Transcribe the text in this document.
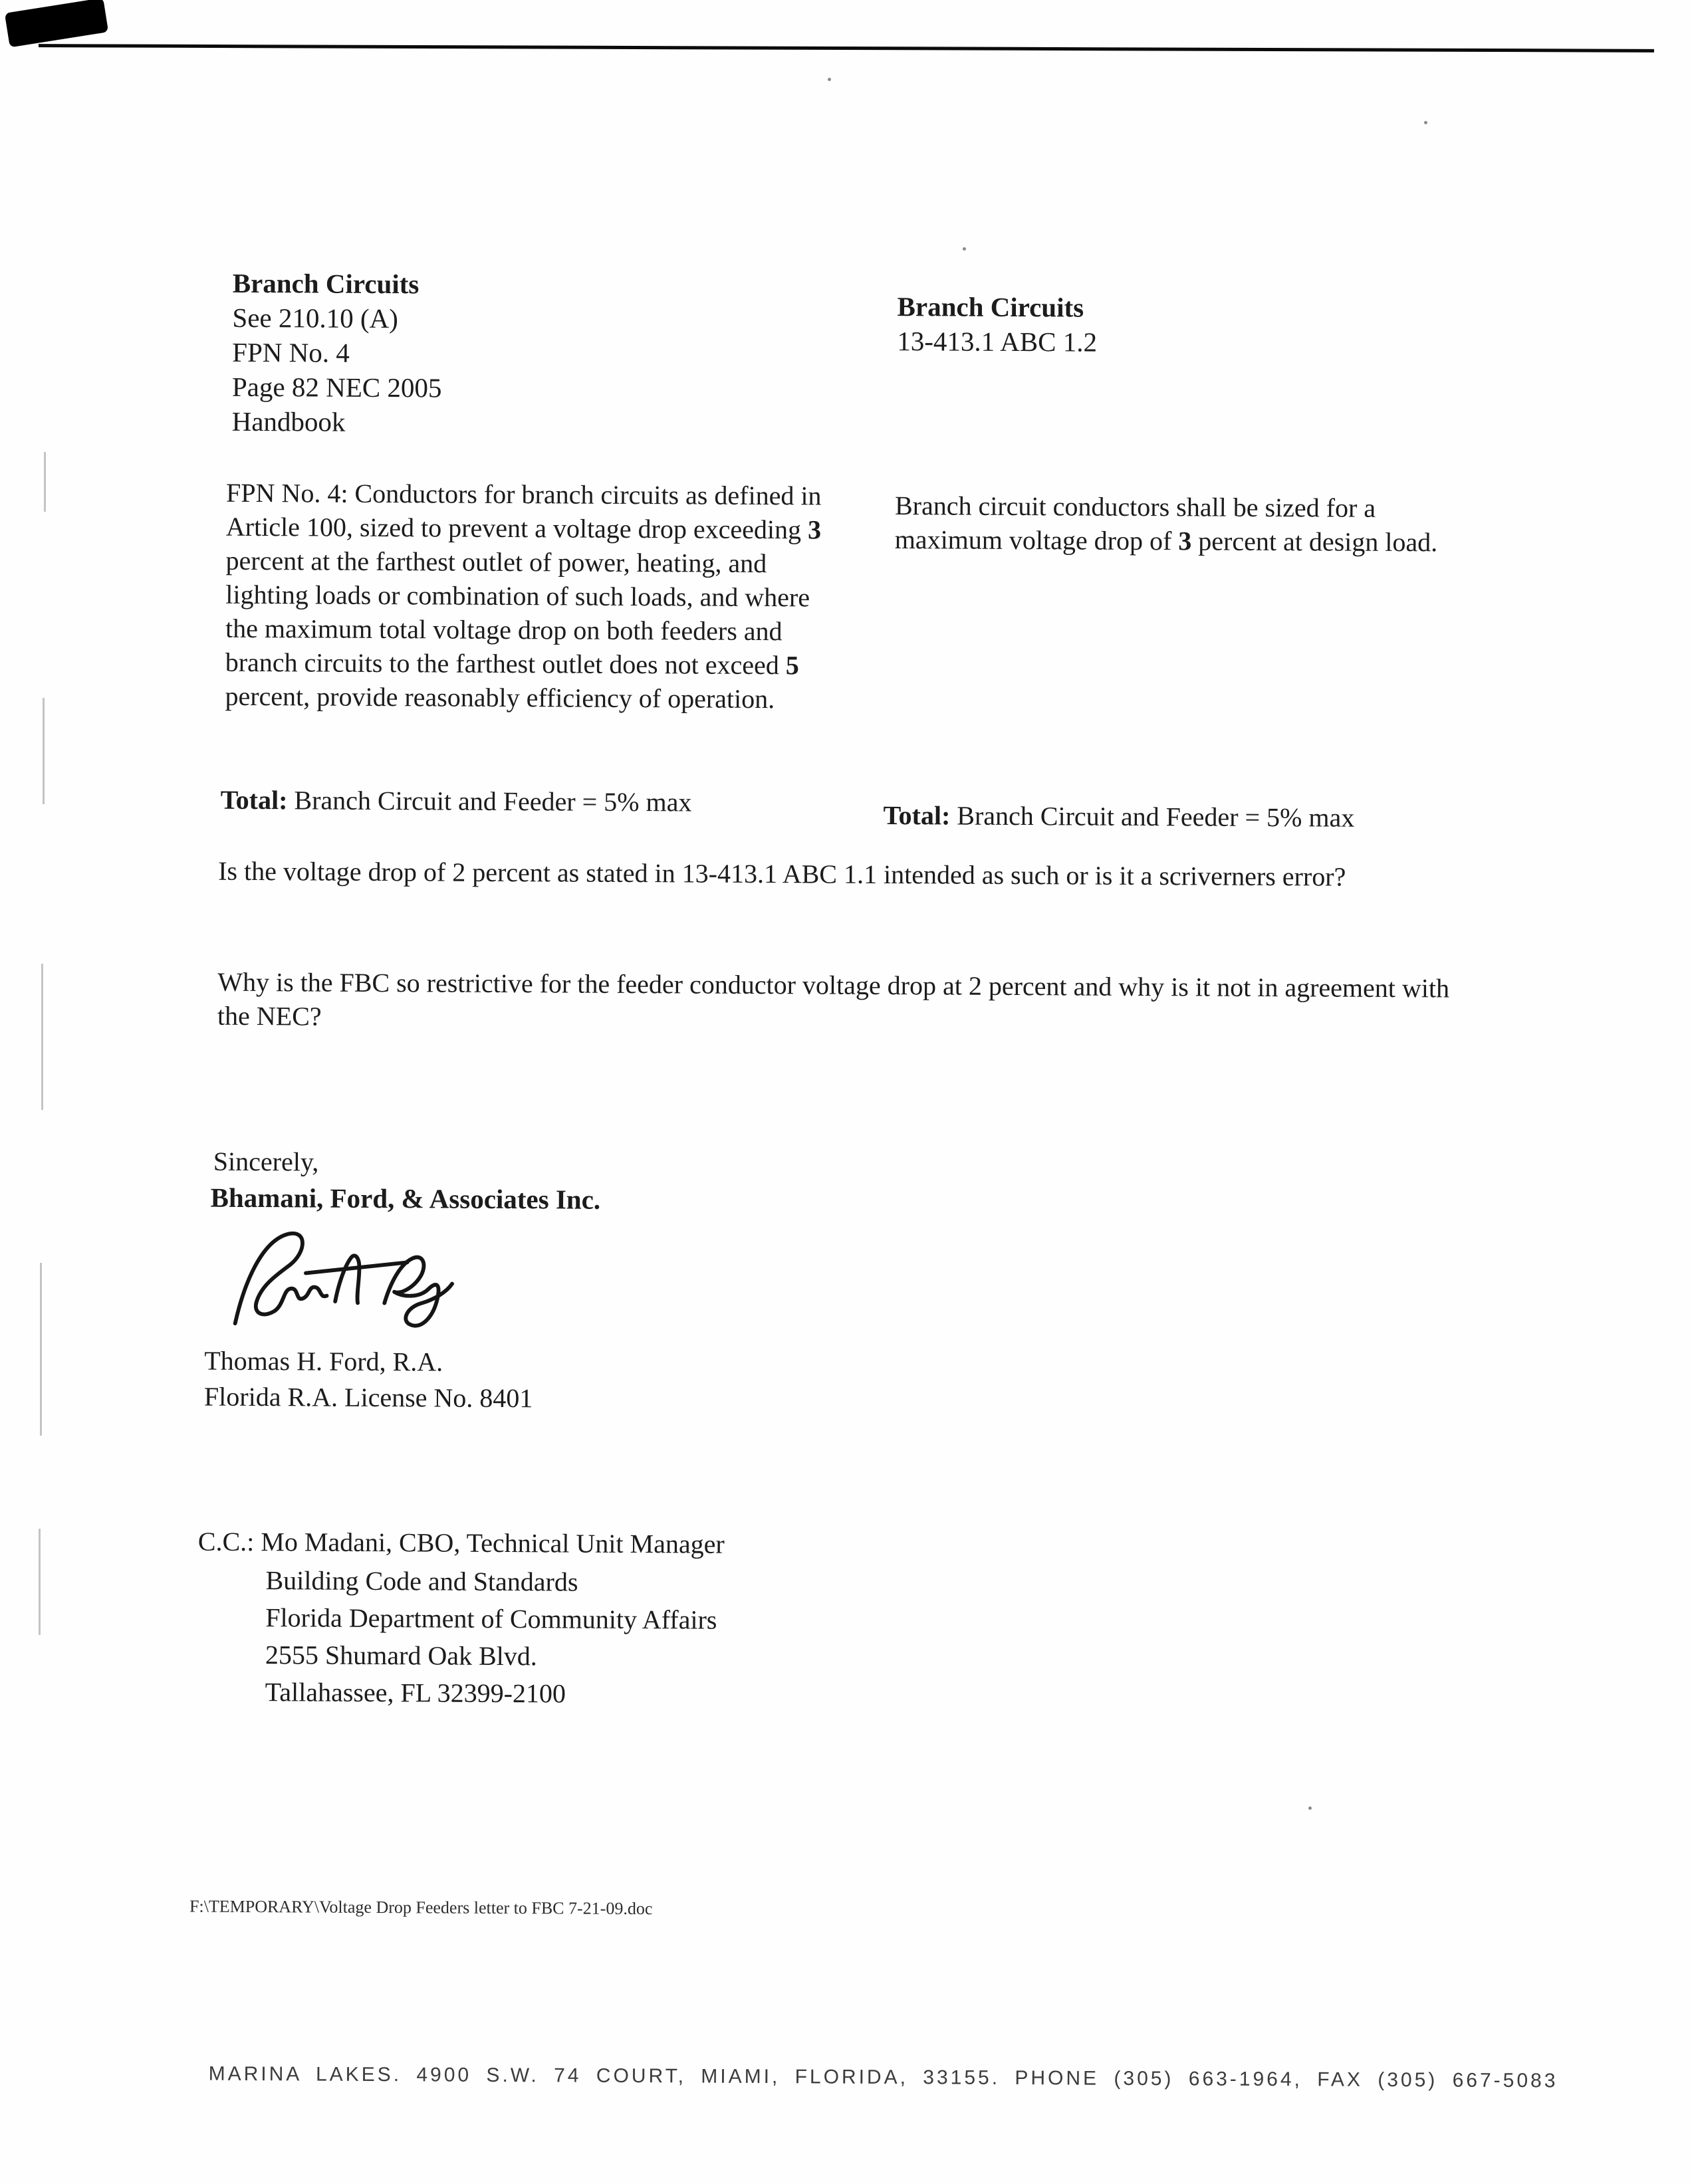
Branch Circuits
See 210.10 (A)
FPN No. 4
Page 82 NEC 2005
Handbook
Branch Circuits
13-413.1 ABC 1.2
FPN No. 4: Conductors for branch circuits as defined in Article 100, sized to prevent a voltage drop exceeding 3 percent at the farthest outlet of power, heating, and lighting loads or combination of such loads, and where the maximum total voltage drop on both feeders and branch circuits to the farthest outlet does not exceed 5 percent, provide reasonably efficiency of operation.
Branch circuit conductors shall be sized for a maximum voltage drop of 3 percent at design load.
Total: Branch Circuit and Feeder = 5% max	Total: Branch Circuit and Feeder = 5% max
Is the voltage drop of 2 percent as stated in 13-413.1 ABC 1.1 intended as such or is it a scriverners error?
Why is the FBC so restrictive for the feeder conductor voltage drop at 2 percent and why is it not in agreement with the NEC?
Sincerely,
Bhamani, Ford, & Associates Inc.
Thomas H. Ford, R.A.
Florida R.A. License No. 8401
C.C.: Mo Madani, CBO, Technical Unit Manager
Building Code and Standards
Florida Department of Community Affairs
2555 Shumard Oak Blvd.
Tallahassee, FL 32399-2100
F:\TEMPORARY\Voltage Drop Feeders letter to FBC 7-21-09.doc
MARINA LAKES. 4900 S.W. 74 COURT, MIAMI, FLORIDA, 33155. PHONE (305) 663-1964, FAX (305) 667-5083
